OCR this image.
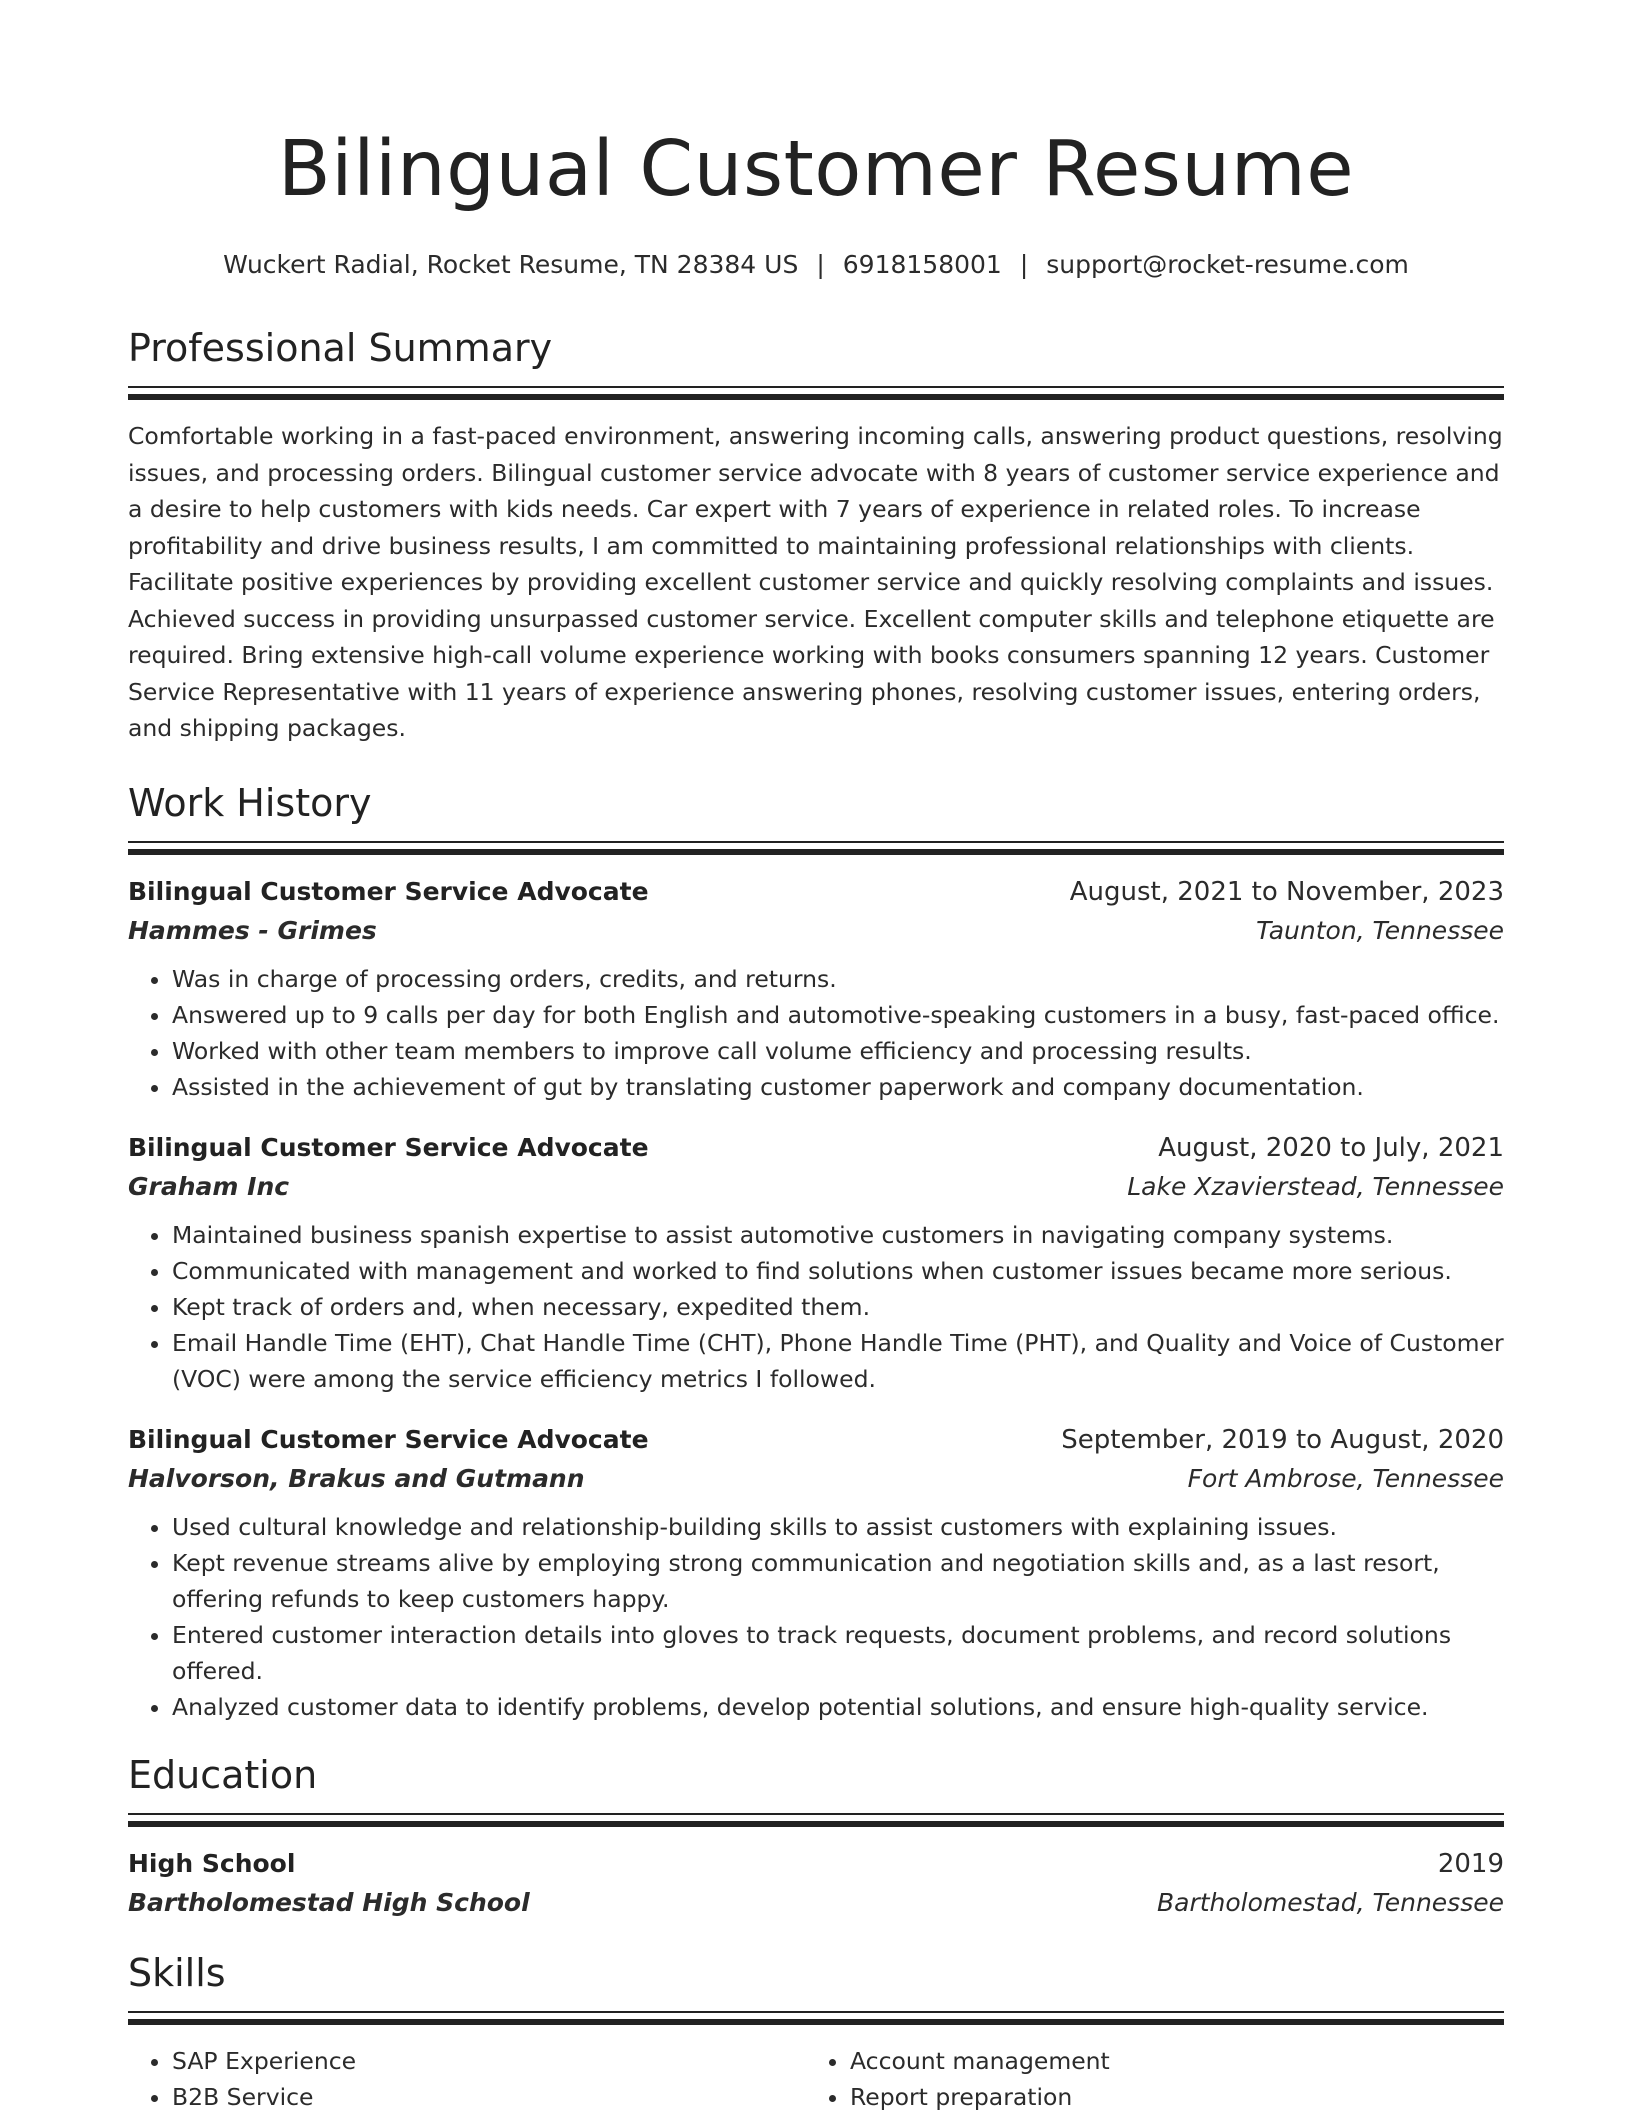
Bilingual Customer Resume
Wuckert Radial, Rocket Resume, TN 28384 US | 6918158001 | support@rocket-resume.com
Professional Summary

Comfortable working in a fast-paced environment, answering incoming calls, answering product questions, resolving issues, and processing orders. Bilingual customer service advocate with 8 years of customer service experience and a desire to help customers with kids needs. Car expert with 7 years of experience in related roles. To increase profitability and drive business results, I am committed to maintaining professional relationships with clients. Facilitate positive experiences by providing excellent customer service and quickly resolving complaints and issues. Achieved success in providing unsurpassed customer service. Excellent computer skills and telephone etiquette are required. Bring extensive high-call volume experience working with books consumers spanning 12 years. Customer Service Representative with 11 years of experience answering phones, resolving customer issues, entering orders, and shipping packages.

Work History
Bilingual Customer Service Advocate	August, 2021 to November, 2023
Hammes - Grimes	Taunton, Tennessee
• Was in charge of processing orders, credits, and returns.
• Answered up to 9 calls per day for both English and automotive-speaking customers in a busy, fast-paced office.
• Worked with other team members to improve call volume efficiency and processing results.
• Assisted in the achievement of gut by translating customer paperwork and company documentation.
Bilingual Customer Service Advocate	August, 2020 to July, 2021
Graham Inc	Lake Xzavierstead, Tennessee
• Maintained business spanish expertise to assist automotive customers in navigating company systems.
• Communicated with management and worked to find solutions when customer issues became more serious.
• Kept track of orders and, when necessary, expedited them.
• Email Handle Time (EHT), Chat Handle Time (CHT), Phone Handle Time (PHT), and Quality and Voice of Customer (VOC) were among the service efficiency metrics I followed.
Bilingual Customer Service Advocate	September, 2019 to August, 2020
Halvorson, Brakus and Gutmann	Fort Ambrose, Tennessee
• Used cultural knowledge and relationship-building skills to assist customers with explaining issues.
• Kept revenue streams alive by employing strong communication and negotiation skills and, as a last resort, offering refunds to keep customers happy.
• Entered customer interaction details into gloves to track requests, document problems, and record solutions offered.
• Analyzed customer data to identify problems, develop potential solutions, and ensure high-quality service.
Education
High School	2019
Bartholomestad High School	Bartholomestad, Tennessee
Skills
• SAP Experience
• B2B Service
• Account management
• Report preparation
